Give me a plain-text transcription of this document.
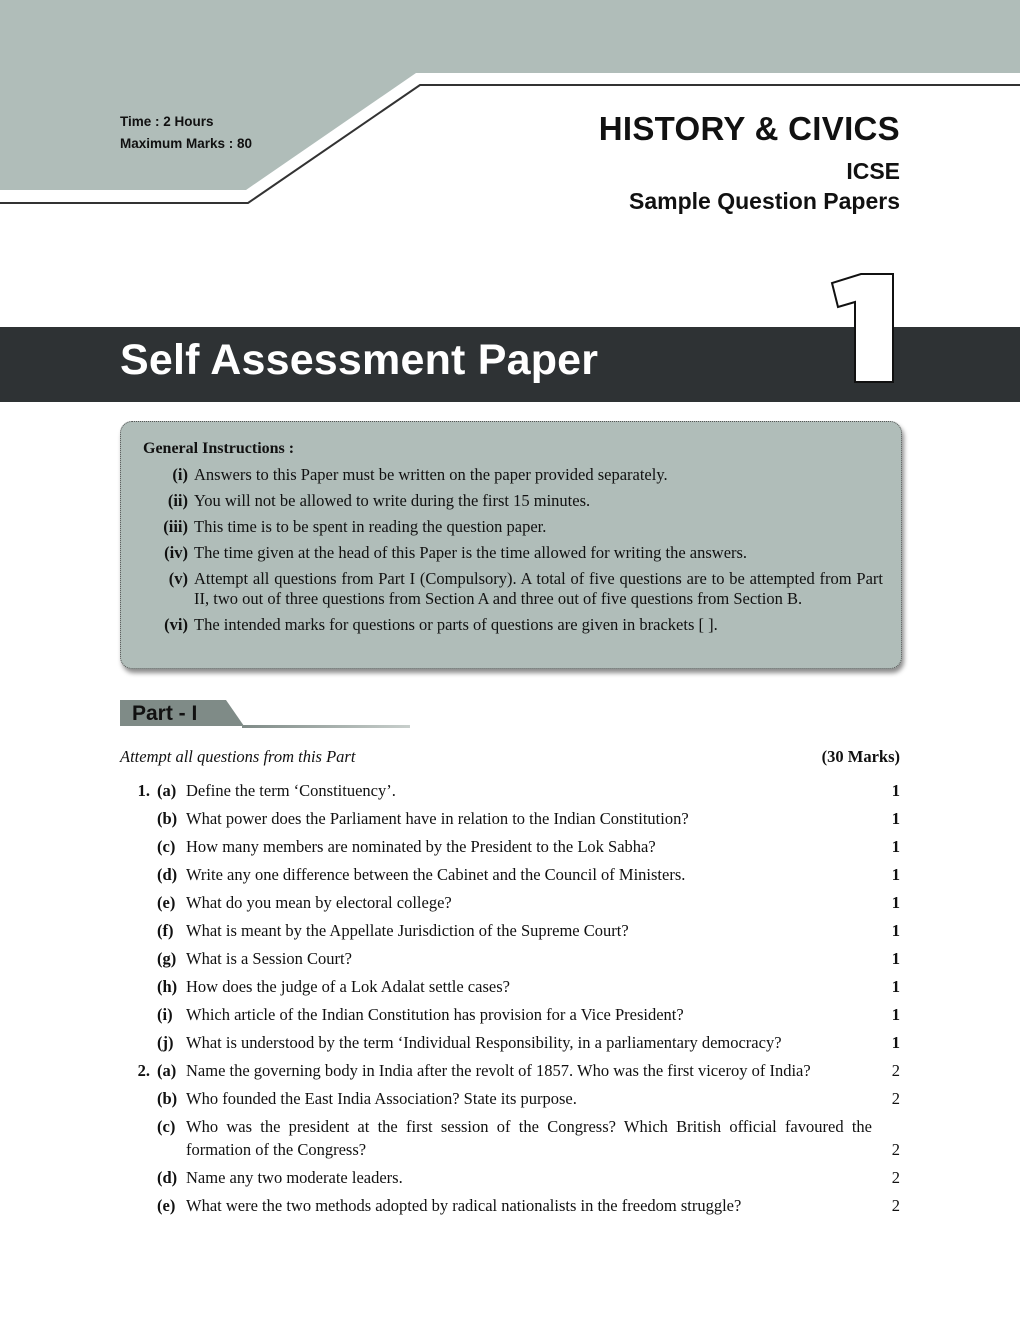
Time : 2 Hours
Maximum Marks : 80	HISTORY & CIVICS
ICSE
Sample Question Papers
Self Assessment Paper
General Instructions :
(i) Answers to this Paper must be written on the paper provided separately.
(ii) You will not be allowed to write during the first 15 minutes.
(iii) This time is to be spent in reading the question paper.
(iv) The time given at the head of this Paper is the time allowed for writing the answers.
(v) Attempt all questions from Part I (Compulsory). A total of five questions are to be attempted from Part II, two out of three questions from Section A and three out of five questions from Section B.
(vi) The intended marks for questions or parts of questions are given in brackets [ ].
Part - I
Attempt all questions from this Part	(30 Marks)
1. (a) Define the term ‘Constituency’.	1
(b) What power does the Parliament have in relation to the Indian Constitution?	1
(c) How many members are nominated by the President to the Lok Sabha?	1
(d) Write any one difference between the Cabinet and the Council of Ministers.	1
(e) What do you mean by electoral college?	1
(f) What is meant by the Appellate Jurisdiction of the Supreme Court?	1
(g) What is a Session Court?	1
(h) How does the judge of a Lok Adalat settle cases?	1
(i) Which article of the Indian Constitution has provision for a Vice President?	1
(j) What is understood by the term ‘Individual Responsibility, in a parliamentary democracy?	1
2. (a) Name the governing body in India after the revolt of 1857. Who was the first viceroy of India?	2
(b) Who founded the East India Association? State its purpose.	2
(c) Who was the president at the first session of the Congress? Which British official favoured the formation of the Congress?	2
(d) Name any two moderate leaders.	2
(e) What were the two methods adopted by radical nationalists in the freedom struggle?	2
